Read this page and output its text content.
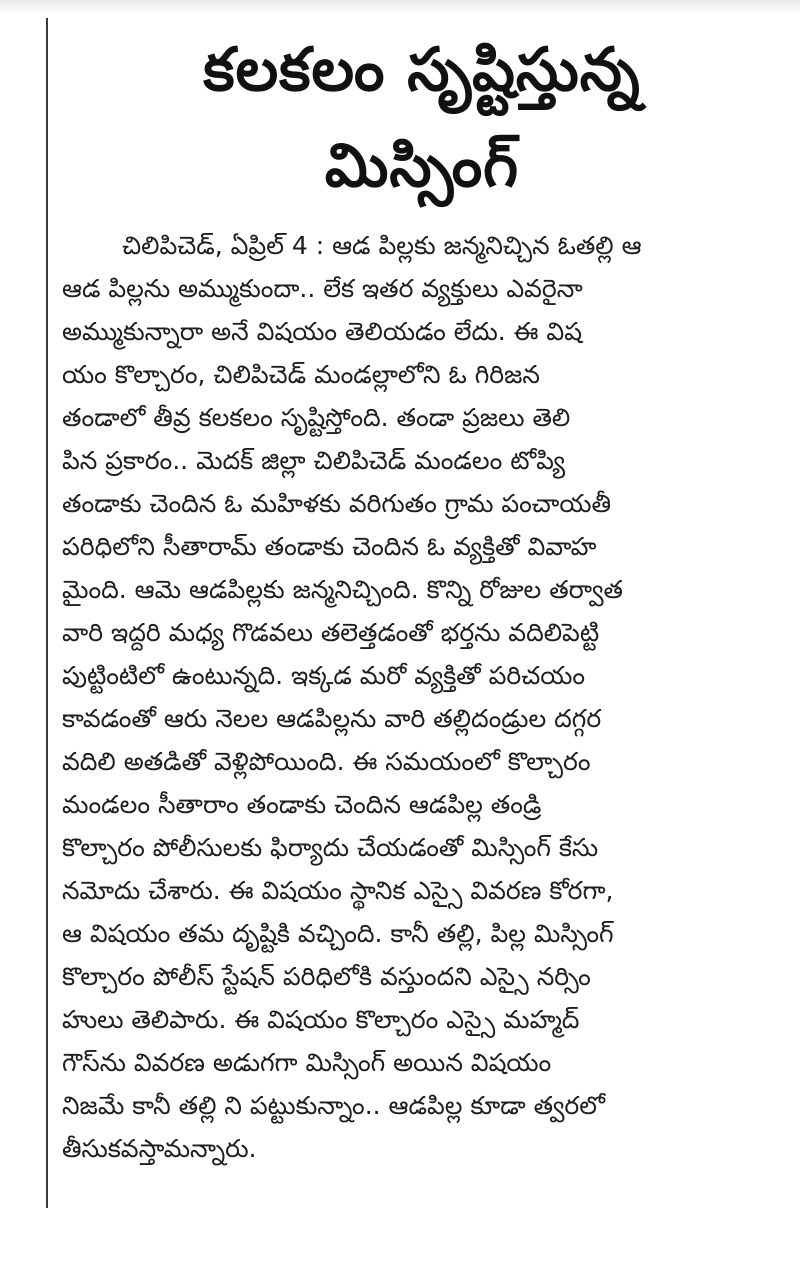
కలకలం సృష్టిస్తున్న
మిస్సింగ్
చిలిపిచెడ్, ఏప్రిల్ 4 : ఆడ పిల్లకు జన్మనిచ్చిన ఓతల్లి ఆ
ఆడ పిల్లను అమ్ముకుందా.. లేక ఇతర వ్యక్తులు ఎవరైనా
అమ్ముకున్నారా అనే విషయం తెలియడం లేదు. ఈ విష
యం కొల్చారం, చిలిపిచెడ్ మండల్లాలోని ఓ గిరిజన
తండాలో తీవ్ర కలకలం సృష్టిస్తోంది. తండా ప్రజలు తెలి
పిన ప్రకారం.. మెదక్ జిల్లా చిలిపిచెడ్ మండలం టోప్యి
తండాకు చెందిన ఓ మహిళకు వరిగుతం గ్రామ పంచాయతీ
పరిధిలోని సీతారామ్ తండాకు చెందిన ఓ వ్యక్తితో వివాహ
మైంది. ఆమె ఆడపిల్లకు జన్మనిచ్చింది. కొన్ని రోజుల తర్వాత
వారి ఇద్దరి మధ్య గొడవలు తలెత్తడంతో భర్తను వదిలిపెట్టి
పుట్టింటిలో ఉంటున్నది. ఇక్కడ మరో వ్యక్తితో పరిచయం
కావడంతో ఆరు నెలల ఆడపిల్లను వారి తల్లిదండ్రుల దగ్గర
వదిలి అతడితో వెళ్లిపోయింది. ఈ సమయంలో కొల్చారం
మండలం సీతారాం తండాకు చెందిన ఆడపిల్ల తండ్రి
కొల్చారం పోలీసులకు ఫిర్యాదు చేయడంతో మిస్సింగ్ కేసు
నమోదు చేశారు. ఈ విషయం స్థానిక ఎస్సై వివరణ కోరగా,
ఆ విషయం తమ దృష్టికి వచ్చింది. కానీ తల్లి, పిల్ల మిస్సింగ్
కొల్చారం పోలీస్ స్టేషన్ పరిధిలోకి వస్తుందని ఎస్సై నర్సిం
హులు తెలిపారు. ఈ విషయం కొల్చారం ఎస్సై మహ్మద్
గౌస్‌ను వివరణ అడుగగా మిస్సింగ్ అయిన విషయం
నిజమే కానీ తల్లి ని పట్టుకున్నాం.. ఆడపిల్ల కూడా త్వరలో
తీసుకవస్తామన్నారు.
